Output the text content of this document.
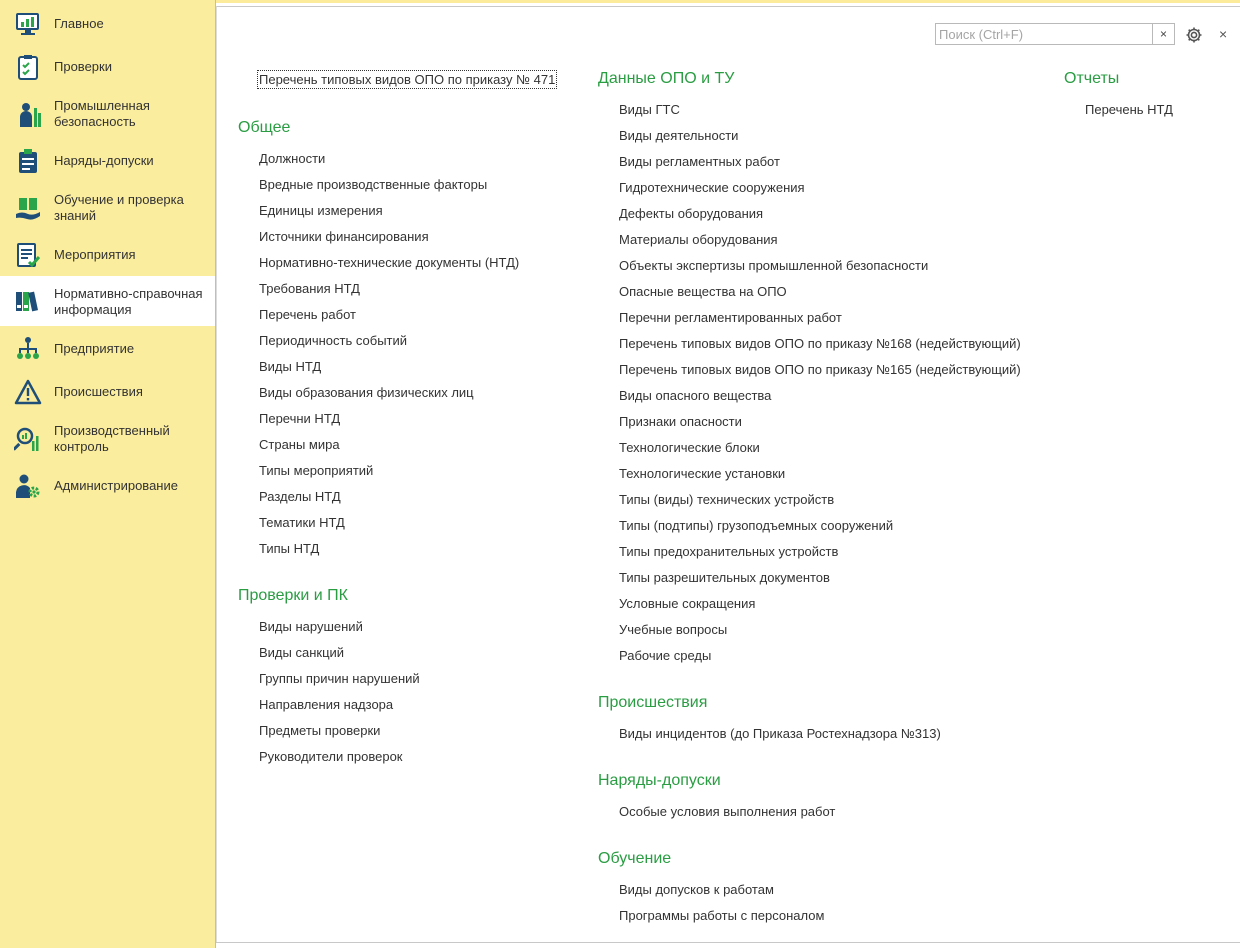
Главное
Проверки
Промышленная безопасность
Наряды-допуски
Обучение и проверка знаний
Мероприятия
Нормативно-справочная информация
Предприятие
Происшествия
Производственный контроль
Администрирование
Поиск (Ctrl+F)
×	×
Перечень типовых видов ОПО по приказу № 471
Общее
Должности
Вредные производственные факторы
Единицы измерения
Источники финансирования
Нормативно-технические документы (НТД)
Требования НТД
Перечень работ
Периодичность событий
Виды НТД
Виды образования физических лиц
Перечни НТД
Страны мира
Типы мероприятий
Разделы НТД
Тематики НТД
Типы НТД
Проверки и ПК
Виды нарушений
Виды санкций
Группы причин нарушений
Направления надзора
Предметы проверки
Руководители проверок
Данные ОПО и ТУ
Виды ГТС
Виды деятельности
Виды регламентных работ
Гидротехнические сооружения
Дефекты оборудования
Материалы оборудования
Объекты экспертизы промышленной безопасности
Опасные вещества на ОПО
Перечни регламентированных работ
Перечень типовых видов ОПО по приказу №168 (недействующий)
Перечень типовых видов ОПО по приказу №165 (недействующий)
Виды опасного вещества
Признаки опасности
Технологические блоки
Технологические установки
Типы (виды) технических устройств
Типы (подтипы) грузоподъемных сооружений
Типы предохранительных устройств
Типы разрешительных документов
Условные сокращения
Учебные вопросы
Рабочие среды
Происшествия
Виды инцидентов (до Приказа Ростехнадзора №313)
Наряды-допуски
Особые условия выполнения работ
Обучение
Виды допусков к работам
Программы работы с персоналом
Отчеты
Перечень НТД
